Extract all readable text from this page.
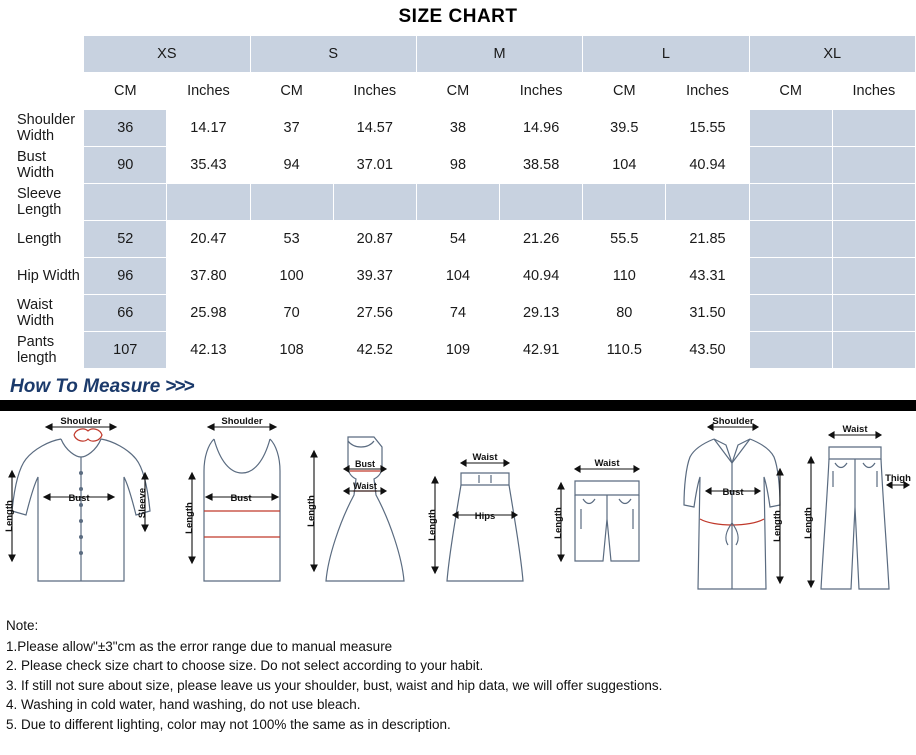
SIZE CHART
	XS		S		M		L		XL	
	CM	Inches	CM	Inches	CM	Inches	CM	Inches	CM	Inches
Shoulder Width	36	14.17	37	14.57	38	14.96	39.5	15.55		
Bust Width	90	35.43	94	37.01	98	38.58	104	40.94		
Sleeve Length										
Length	52	20.47	53	20.87	54	21.26	55.5	21.85		
Hip Width	96	37.80	100	39.37	104	40.94	110	43.31		
Waist Width	66	25.98	70	27.56	74	29.13	80	31.50		
Pants length	107	42.13	108	42.52	109	42.91	110.5	43.50		
How To Measure >>>
Shoulder
Bust
Length	Sleeve
Shoulder
Bust
Length
Bust
Waist
Length
Waist
Hips
Length
Waist
Length
Shoulder
Bust
Length
Waist
Thigh
Length
Note:
1.Please allow"±3"cm as the error range due to manual measure
2. Please check size chart to choose size. Do not select according to your habit.
3. If still not sure about size, please leave us your shoulder, bust, waist and hip data, we will offer suggestions.
4. Washing in cold water, hand washing, do not use bleach.
5. Due to different lighting, color may not 100% the same as in description.
